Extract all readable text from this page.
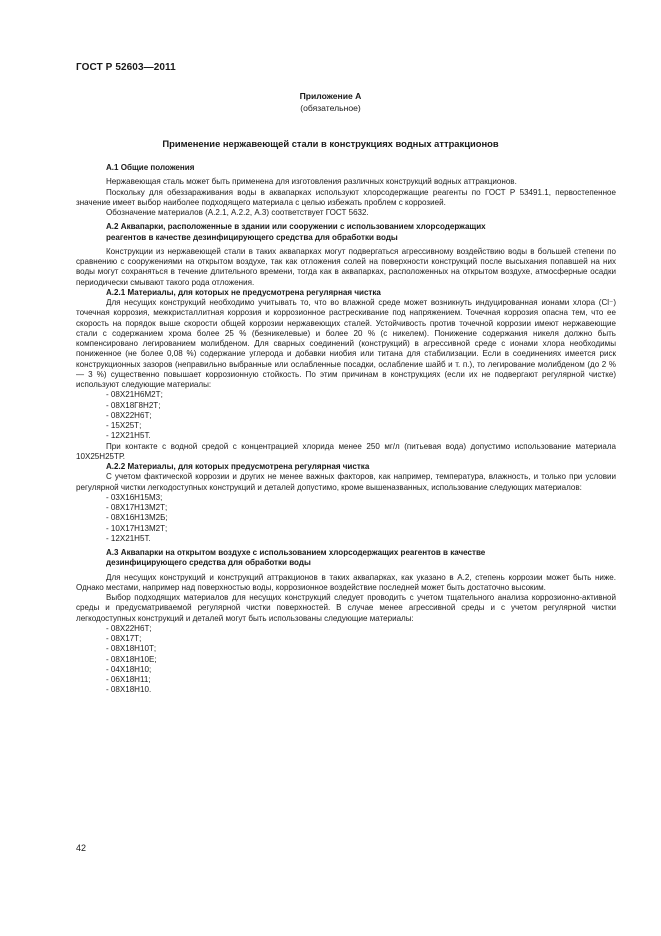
ГОСТ Р 52603—2011
Приложение А
(обязательное)
Применение нержавеющей стали в конструкциях водных аттракционов

А.1 Общие положения

Нержавеющая сталь может быть применена для изготовления различных конструкций водных аттракционов.

Поскольку для обеззараживания воды в аквапарках используют хлорсодержащие реагенты по ГОСТ Р 53491.1, первостепенное значение имеет выбор наиболее подходящего материала с целью избежать проблем с коррозией.

Обозначение материалов (А.2.1, А.2.2, А.3) соответствует ГОСТ 5632.

А.2 Аквапарки, расположенные в здании или сооружении с использованием хлорсодержащих

реагентов в качестве дезинфицирующего средства для обработки воды

Конструкции из нержавеющей стали в таких аквапарках могут подвергаться агрессивному воздействию воды в большей степени по сравнению с сооружениями на открытом воздухе, так как отложения солей на поверхности конструкций после высыхания попавшей на них воды могут сохраняться в течение длительного времени, тогда как в аквапарках, расположенных на открытом воздухе, атмосферные осадки периодически смывают такого рода отложения.

А.2.1 Материалы, для которых не предусмотрена регулярная чистка

Для несущих конструкций необходимо учитывать то, что во влажной среде может возникнуть индуцированная ионами хлора (Cl⁻) точечная коррозия, межкристаллитная коррозия и коррозионное растрескивание под напряжением. Точечная коррозия опасна тем, что ее скорость на порядок выше скорости общей коррозии нержавеющих сталей. Устойчивость против точечной коррозии имеют нержавеющие стали с содержанием хрома более 25 % (безникелевые) и более 20 % (с никелем). Понижение содержания никеля должно быть компенсировано легированием молибденом. Для сварных соединений (конструкций) в агрессивной среде с ионами хлора необходимы пониженное (не более 0,08 %) содержание углерода и добавки ниобия или титана для стабилизации. Если в соединениях имеется риск конструкционных зазоров (неправильно выбранные или ослабленные посадки, ослабление шайб и т. п.), то легирование молибденом (до 2 % — 3 %) существенно повышает коррозионную стойкость. По этим причинам в конструкциях (если их не подвергают регулярной чистке) используют следующие материалы:

- 08Х21Н6М2Т;
- 08Х18Г8Н2Т;
- 08Х22Н6Т;
- 15Х25Т;
- 12Х21Н5Т.

При контакте с водной средой с концентрацией хлорида менее 250 мг/л (питьевая вода) допустимо использование материала 10Х25Н25ТР.

А.2.2 Материалы, для которых предусмотрена регулярная чистка

С учетом фактической коррозии и других не менее важных факторов, как например, температура, влажность, и только при условии регулярной чистки легкодоступных конструкций и деталей допустимо, кроме вышеназванных, использование следующих материалов:

- 03Х16Н15М3;
- 08Х17Н13М2Т;
- 08Х16Н13М2Б;
- 10Х17Н13М2Т;
- 12Х21Н5Т.

А.3 Аквапарки на открытом воздухе с использованием хлорсодержащих реагентов в качестве

дезинфицирующего средства для обработки воды

Для несущих конструкций и конструкций аттракционов в таких аквапарках, как указано в А.2, степень коррозии может быть ниже. Однако местами, например над поверхностью воды, коррозионное воздействие последней может быть достаточно высоким.

Выбор подходящих материалов для несущих конструкций следует проводить с учетом тщательного анализа коррозионно-активной среды и предусматриваемой регулярной чистки поверхностей. В случае менее агрессивной среды и с учетом регулярной чистки легкодоступных конструкций и деталей могут быть использованы следующие материалы:

- 08Х22Н6Т;
- 08Х17Т;
- 08Х18Н10Т;
- 08Х18Н10Е;
- 04Х18Н10;
- 06Х18Н11;
- 08Х18Н10.
42
